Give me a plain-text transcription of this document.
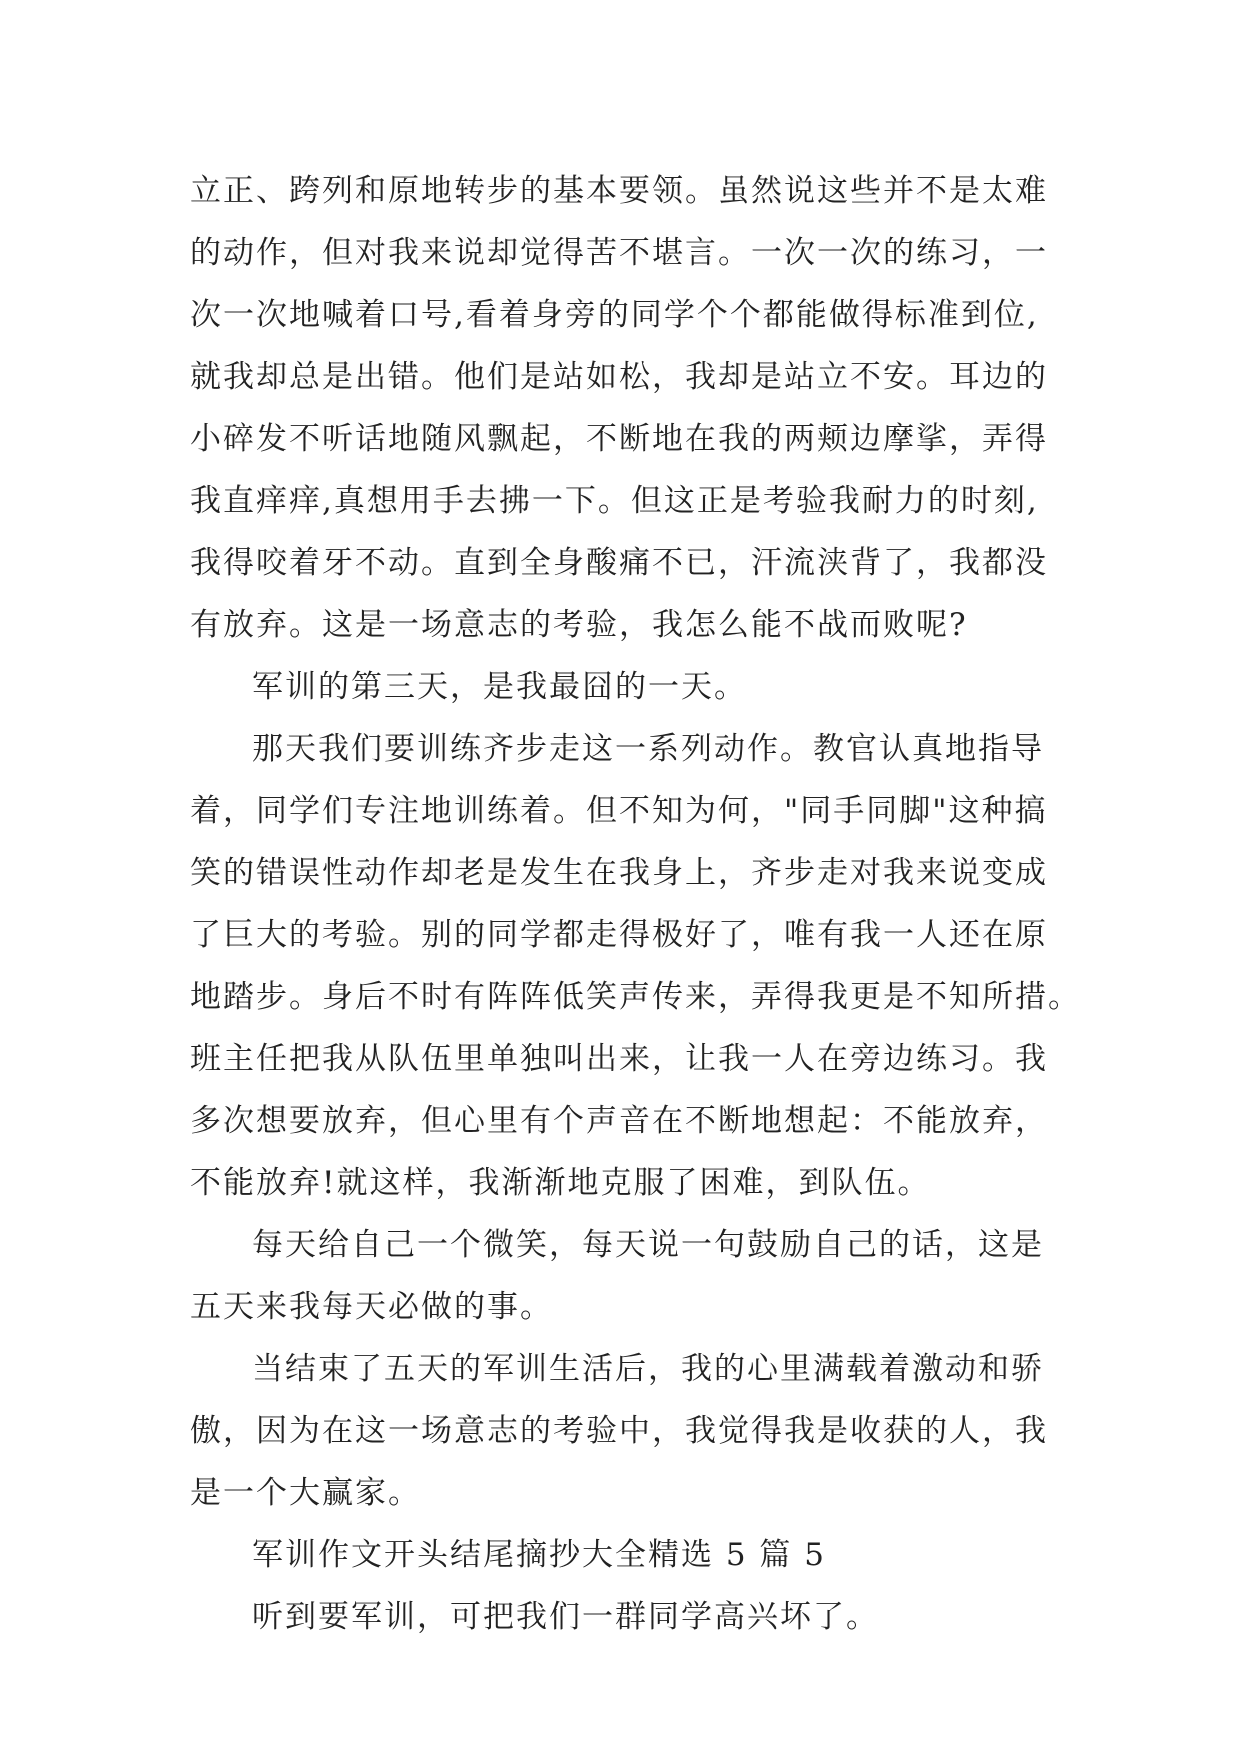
立正、跨列和原地转步的基本要领。虽然说这些并不是太难
的动作，但对我来说却觉得苦不堪言。一次一次的练习，一
次一次地喊着口号,看着身旁的同学个个都能做得标准到位,
就我却总是出错。他们是站如松，我却是站立不安。耳边的
小碎发不听话地随风飘起，不断地在我的两颊边摩挲，弄得
我直痒痒,真想用手去拂一下。但这正是考验我耐力的时刻,
我得咬着牙不动。直到全身酸痛不已，汗流浃背了，我都没
有放弃。这是一场意志的考验，我怎么能不战而败呢?
军训的第三天，是我最囧的一天。
那天我们要训练齐步走这一系列动作。教官认真地指导
着，同学们专注地训练着。但不知为何，"同手同脚"这种搞
笑的错误性动作却老是发生在我身上，齐步走对我来说变成
了巨大的考验。别的同学都走得极好了，唯有我一人还在原
地踏步。身后不时有阵阵低笑声传来，弄得我更是不知所措。
班主任把我从队伍里单独叫出来，让我一人在旁边练习。我
多次想要放弃，但心里有个声音在不断地想起：不能放弃，
不能放弃!就这样，我渐渐地克服了困难，到队伍。
每天给自己一个微笑，每天说一句鼓励自己的话，这是
五天来我每天必做的事。
当结束了五天的军训生活后，我的心里满载着激动和骄
傲，因为在这一场意志的考验中，我觉得我是收获的人，我
是一个大赢家。
军训作文开头结尾摘抄大全精选 5 篇 5
听到要军训，可把我们一群同学高兴坏了。
